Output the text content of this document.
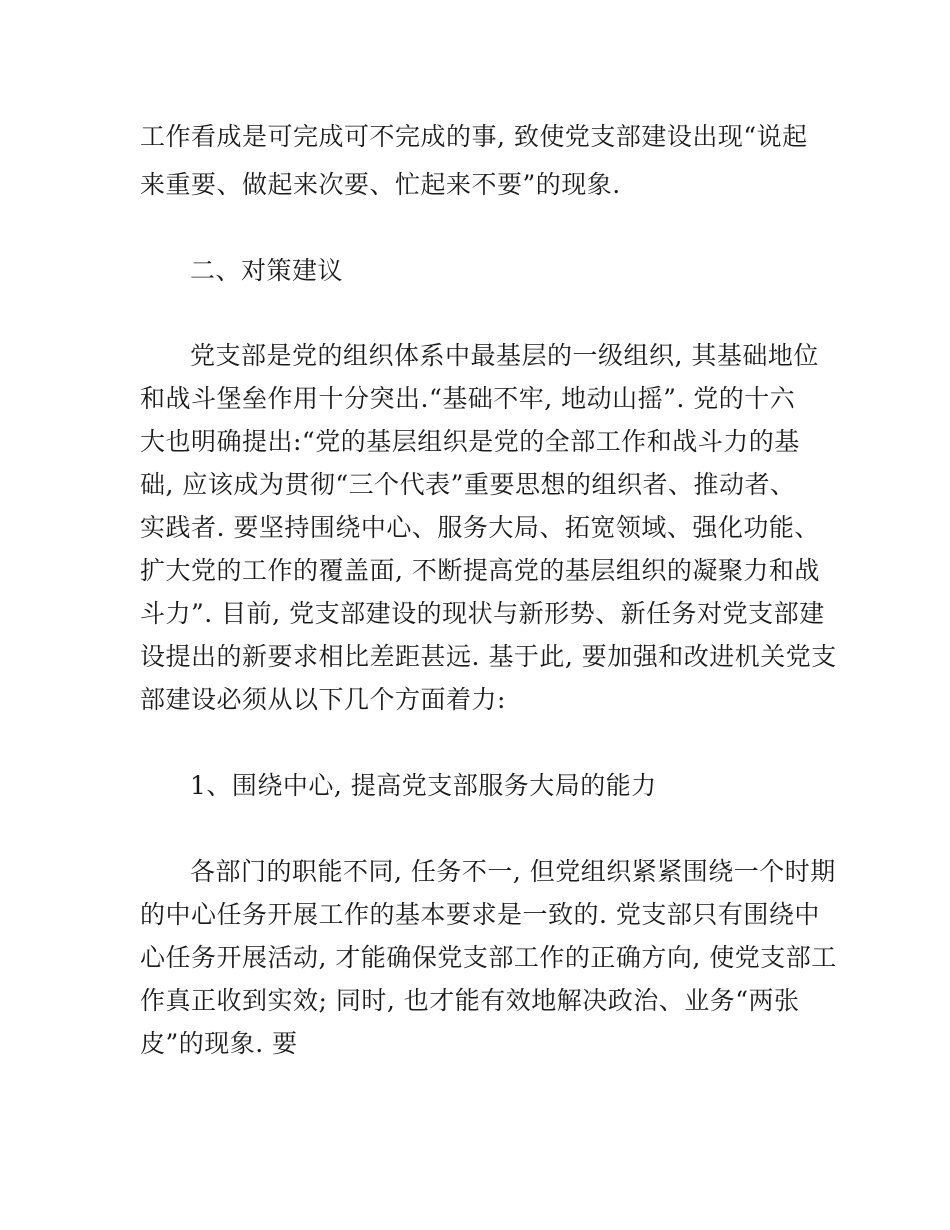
工作看成是可完成可不完成的事, 致使党支部建设出现“说起
来重要、做起来次要、忙起来不要”的现象.
二、对策建议
党支部是党的组织体系中最基层的一级组织, 其基础地位
和战斗堡垒作用十分突出.“基础不牢, 地动山摇”. 党的十六
大也明确提出:“党的基层组织是党的全部工作和战斗力的基
础, 应该成为贯彻“三个代表”重要思想的组织者、推动者、
实践者. 要坚持围绕中心、服务大局、拓宽领域、强化功能、
扩大党的工作的覆盖面, 不断提高党的基层组织的凝聚力和战
斗力”. 目前, 党支部建设的现状与新形势、新任务对党支部建
设提出的新要求相比差距甚远. 基于此, 要加强和改进机关党支
部建设必须从以下几个方面着力:
1、围绕中心, 提高党支部服务大局的能力
各部门的职能不同, 任务不一, 但党组织紧紧围绕一个时期
的中心任务开展工作的基本要求是一致的. 党支部只有围绕中
心任务开展活动, 才能确保党支部工作的正确方向, 使党支部工
作真正收到实效; 同时, 也才能有效地解决政治、业务“两张
皮”的现象. 要
